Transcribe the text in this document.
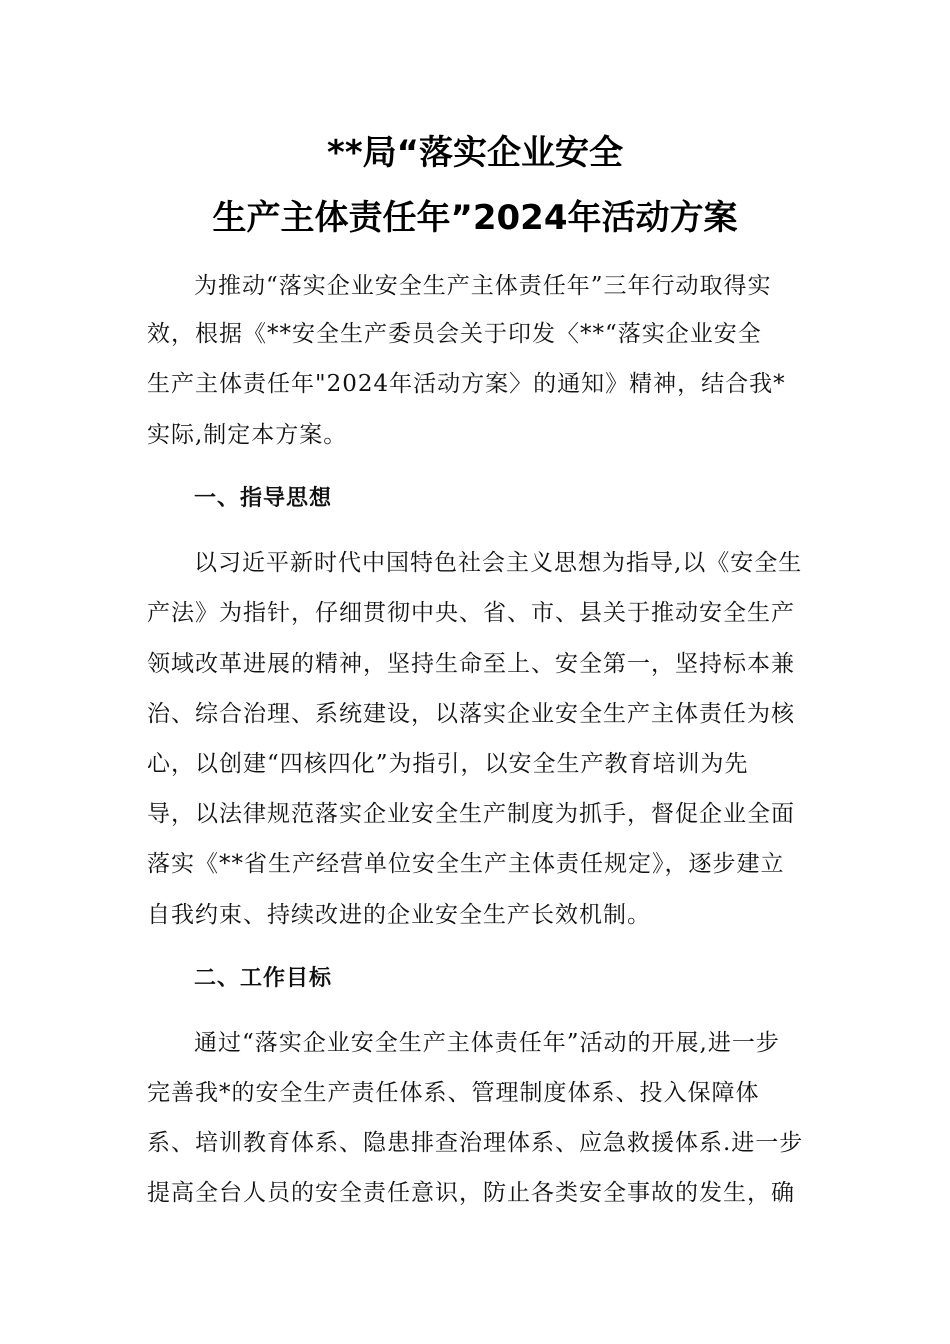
**局“落实企业安全
生产主体责任年”2024年活动方案
为推动“落实企业安全生产主体责任年”三年行动取得实
效，根据《**安全生产委员会关于印发〈**“落实企业安全
生产主体责任年"2024年活动方案〉的通知》精神，结合我*
实际,制定本方案。
一、指导思想
以习近平新时代中国特色社会主义思想为指导,以《安全生
产法》为指针，仔细贯彻中央、省、市、县关于推动安全生产
领域改革进展的精神，坚持生命至上、安全第一，坚持标本兼
治、综合治理、系统建设，以落实企业安全生产主体责任为核
心，以创建“四核四化”为指引，以安全生产教育培训为先
导，以法律规范落实企业安全生产制度为抓手，督促企业全面
落实《**省生产经营单位安全生产主体责任规定》，逐步建立
自我约束、持续改进的企业安全生产长效机制。
二、工作目标
通过“落实企业安全生产主体责任年”活动的开展,进一步
完善我*的安全生产责任体系、管理制度体系、投入保障体
系、培训教育体系、隐患排查治理体系、应急救援体系.进一步
提高全台人员的安全责任意识，防止各类安全事故的发生，确
